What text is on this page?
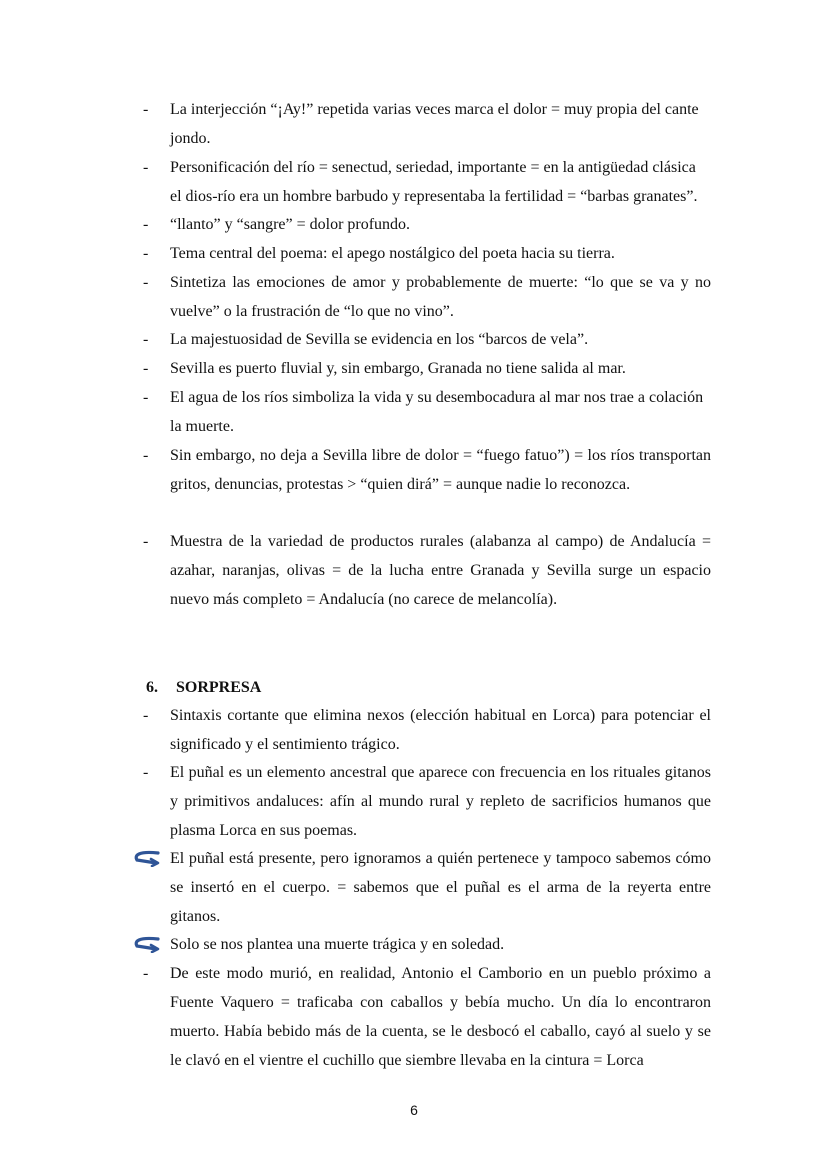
-	La interjección “¡Ay!” repetida varias veces marca el dolor = muy propia del cante jondo.

-	Personificación del río = senectud, seriedad, importante = en la antigüedad clásica el dios-río era un hombre barbudo y representaba la fertilidad = “barbas granates”.

-	“llanto” y “sangre” = dolor profundo.

-	Tema central del poema: el apego nostálgico del poeta hacia su tierra.

-	Sintetiza las emociones de amor y probablemente de muerte: “lo que se va y no vuelve” o la frustración de “lo que no vino”.

-	La majestuosidad de Sevilla se evidencia en los “barcos de vela”.

-	Sevilla es puerto fluvial y, sin embargo, Granada no tiene salida al mar.

-	El agua de los ríos simboliza la vida y su desembocadura al mar nos trae a colación la muerte.

-	Sin embargo, no deja a Sevilla libre de dolor = “fuego fatuo”) = los ríos transportan gritos, denuncias, protestas > “quien dirá” = aunque nadie lo reconozca.

-	Muestra de la variedad de productos rurales (alabanza al campo) de Andalucía = azahar, naranjas, olivas = de la lucha entre Granada y Sevilla surge un espacio nuevo más completo = Andalucía (no carece de melancolía).

6. SORPRESA
-	Sintaxis cortante que elimina nexos (elección habitual en Lorca) para potenciar el significado y el sentimiento trágico.

-	El puñal es un elemento ancestral que aparece con frecuencia en los rituales gitanos y primitivos andaluces: afín al mundo rural y repleto de sacrificios humanos que plasma Lorca en sus poemas.

El puñal está presente, pero ignoramos a quién pertenece y tampoco sabemos cómo se insertó en el cuerpo. = sabemos que el puñal es el arma de la reyerta entre gitanos.

Solo se nos plantea una muerte trágica y en soledad.

-	De este modo murió, en realidad, Antonio el Camborio en un pueblo próximo a Fuente Vaquero = traficaba con caballos y bebía mucho. Un día lo encontraron muerto. Había bebido más de la cuenta, se le desbocó el caballo, cayó al suelo y se le clavó en el vientre el cuchillo que siembre llevaba en la cintura = Lorca

6
